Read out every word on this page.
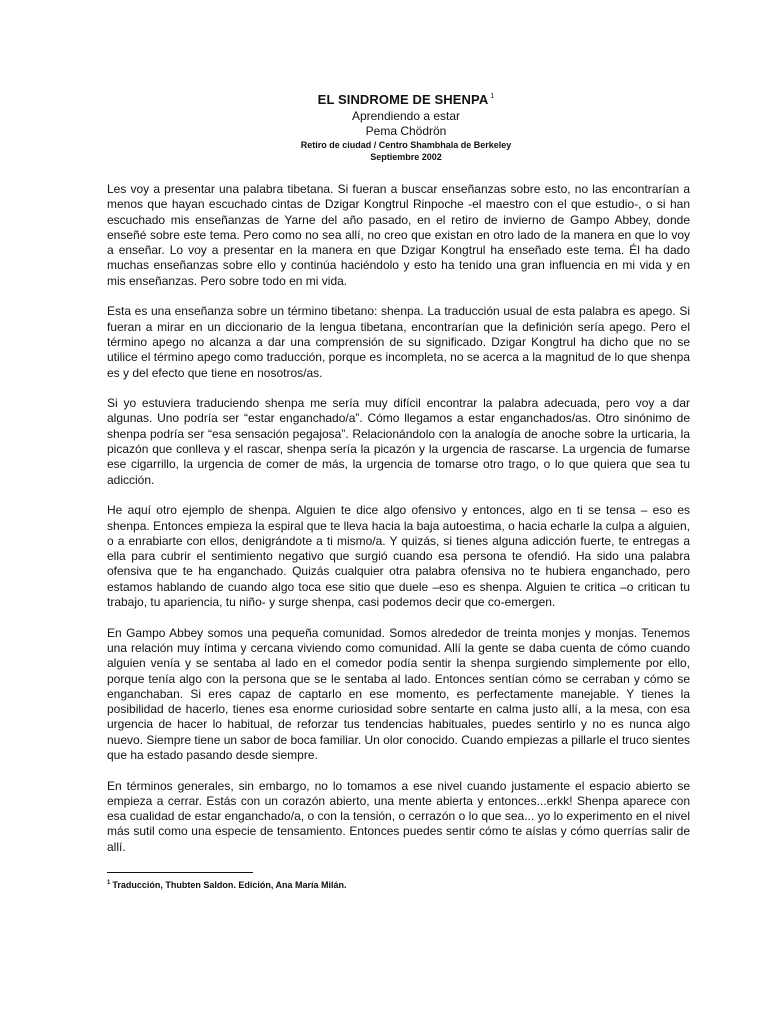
EL SINDROME DE SHENPA $^1$
Aprendiendo a estar
Pema Chödrön
Retiro de ciudad / Centro Shambhala de Berkeley
Septiembre 2002

Les voy a presentar una palabra tibetana. Si fueran a buscar enseñanzas sobre esto, no las encontrarían a menos que hayan escuchado cintas de Dzigar Kongtrul Rinpoche -el maestro con el que estudio-, o si han escuchado mis enseñanzas de Yarne del año pasado, en el retiro de invierno de Gampo Abbey, donde enseñé sobre este tema. Pero como no sea allí, no creo que existan en otro lado de la manera en que lo voy a enseñar. Lo voy a presentar en la manera en que Dzigar Kongtrul ha enseñado este tema. Él ha dado muchas enseñanzas sobre ello y continúa haciéndolo y esto ha tenido una gran influencia en mi vida y en mis enseñanzas. Pero sobre todo en mi vida.

Esta es una enseñanza sobre un término tibetano: shenpa. La traducción usual de esta palabra es apego. Si fueran a mirar en un diccionario de la lengua tibetana, encontrarían que la definición sería apego. Pero el término apego no alcanza a dar una comprensión de su significado. Dzigar Kongtrul ha dicho que no se utilice el término apego como traducción, porque es incompleta, no se acerca a la magnitud de lo que shenpa es y del efecto que tiene en nosotros/as.

Si yo estuviera traduciendo shenpa me sería muy difícil encontrar la palabra adecuada, pero voy a dar algunas. Uno podría ser “estar enganchado/a”. Cómo llegamos a estar enganchados/as. Otro sinónimo de shenpa podría ser “esa sensación pegajosa”. Relacionándolo con la analogía de anoche sobre la urticaria, la picazón que conlleva y el rascar, shenpa sería la picazón y la urgencia de rascarse. La urgencia de fumarse ese cigarrillo, la urgencia de comer de más, la urgencia de tomarse otro trago, o lo que quiera que sea tu adicción.

He aquí otro ejemplo de shenpa. Alguien te dice algo ofensivo y entonces, algo en ti se tensa – eso es shenpa. Entonces empieza la espiral que te lleva hacia la baja autoestima, o hacia echarle la culpa a alguien, o a enrabiarte con ellos, denigrándote a ti mismo/a. Y quizás, si tienes alguna adicción fuerte, te entregas a ella para cubrir el sentimiento negativo que surgió cuando esa persona te ofendió. Ha sido una palabra ofensiva que te ha enganchado. Quizás cualquier otra palabra ofensiva no te hubiera enganchado, pero estamos hablando de cuando algo toca ese sitio que duele –eso es shenpa. Alguien te critica –o critican tu trabajo, tu apariencia, tu niño- y surge shenpa, casi podemos decir que co-emergen.

En Gampo Abbey somos una pequeña comunidad. Somos alrededor de treinta monjes y monjas. Tenemos una relación muy íntima y cercana viviendo como comunidad. Allí la gente se daba cuenta de cómo cuando alguien venía y se sentaba al lado en el comedor podía sentir la shenpa surgiendo simplemente por ello, porque tenía algo con la persona que se le sentaba al lado. Entonces sentían cómo se cerraban y cómo se enganchaban. Si eres capaz de captarlo en ese momento, es perfectamente manejable. Y tienes la posibilidad de hacerlo, tienes esa enorme curiosidad sobre sentarte en calma justo allí, a la mesa, con esa urgencia de hacer lo habitual, de reforzar tus tendencias habituales, puedes sentirlo y no es nunca algo nuevo. Siempre tiene un sabor de boca familiar. Un olor conocido. Cuando empiezas a pillarle el truco sientes que ha estado pasando desde siempre.

En términos generales, sin embargo, no lo tomamos a ese nivel cuando justamente el espacio abierto se empieza a cerrar. Estás con un corazón abierto, una mente abierta y entonces...erkk! Shenpa aparece con esa cualidad de estar enganchado/a, o con la tensión, o cerrazón o lo que sea... yo lo experimento en el nivel más sutil como una especie de tensamiento. Entonces puedes sentir cómo te aíslas y cómo querrías salir de allí.

$^1$ Traducción, Thubten Saldon. Edición, Ana María Milán.
